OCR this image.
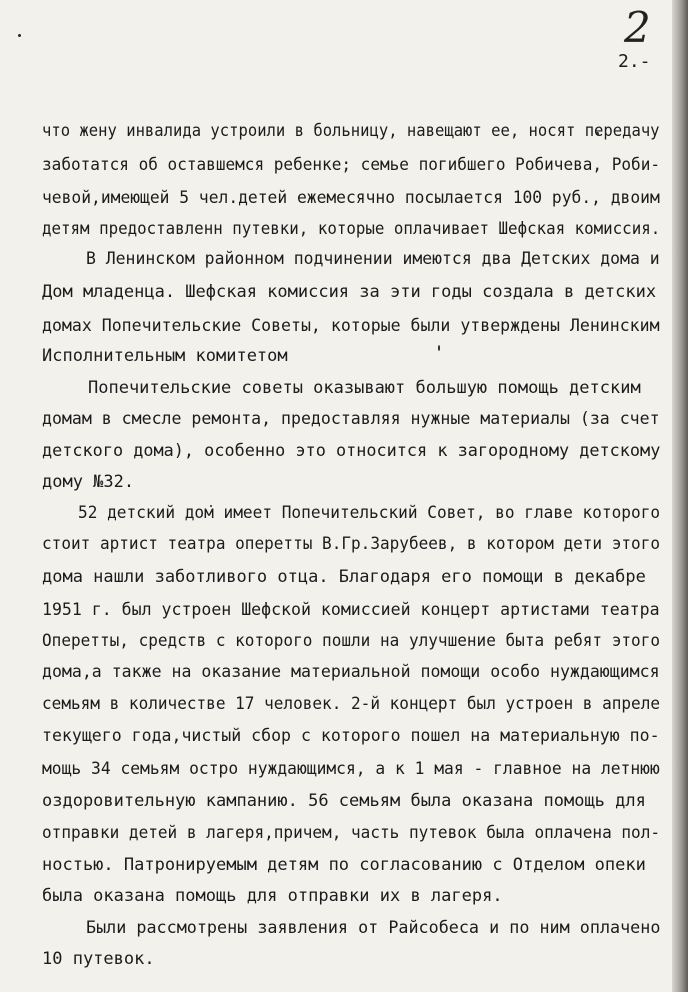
2
2.-
что жену инвалида устроили в больницу, навещают ее, носят передачу
заботатся об оставшемся ребенке; семье погибшего Робичева, Роби-
чевой,имеющей 5 чел.детей ежемесячно посылается 100 руб., двоим
детям предоставленн путевки, которые оплачивает Шефская комиссия.
В Ленинском районном подчинении имеются два Детских дома и
Дом младенца. Шефская комиссия за эти годы создала в детских
домах Попечительские Советы, которые были утверждены Ленинским
Исполнительным комитетом
Попечительские советы оказывают большую помощь детским
домам в смесле ремонта, предоставляя нужные материалы (за счет
детского дома), особенно это относится к загородному детскому
дому №32.
52 детский дом имеет Попечительский Совет, во главе которого
стоит артист театра оперетты В.Гр.Зарубеев, в котором дети этого
дома нашли заботливого отца. Благодаря его помощи в декабре
1951 г. был устроен Шефской комиссией концерт артистами театра
Оперетты, средств с которого пошли на улучшение быта ребят этого
дома,а также на оказание материальной помощи особо нуждающимся
семьям в количестве 17 человек. 2-й концерт был устроен в апреле
текущего года,чистый сбор с которого пошел на материальную по-
мощь 34 семьям остро нуждающимся, а к 1 мая - главное на летнюю
оздоровительную кампанию. 56 семьям была оказана помощь для
отправки детей в лагеря,причем, часть путевок была оплачена пол-
ностью. Патронируемым детям по согласованию с Отделом опеки
была оказана помощь для отправки их в лагеря.
Были рассмотрены заявления от Райсобеса и по ним оплачено
10 путевок.
